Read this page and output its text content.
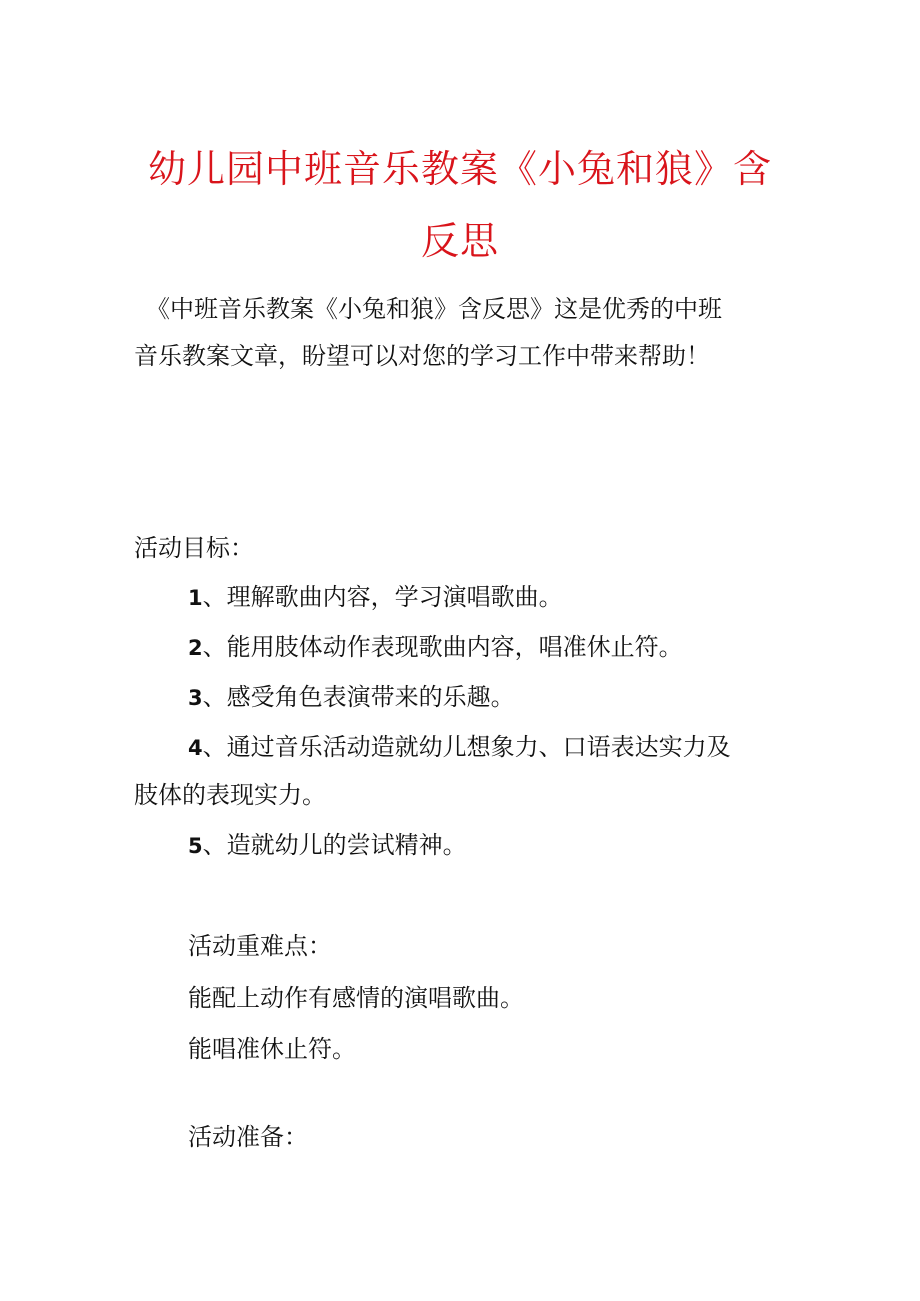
幼儿园中班音乐教案《小兔和狼》含
反思

《中班音乐教案《小兔和狼》含反思》这是优秀的中班

音乐教案文章，盼望可以对您的学习工作中带来帮助！

活动目标：

1、理解歌曲内容，学习演唱歌曲。

2、能用肢体动作表现歌曲内容，唱准休止符。

3、感受角色表演带来的乐趣。

4、通过音乐活动造就幼儿想象力、口语表达实力及

肢体的表现实力。

5、造就幼儿的尝试精神。

活动重难点：

能配上动作有感情的演唱歌曲。

能唱准休止符。

活动准备：
